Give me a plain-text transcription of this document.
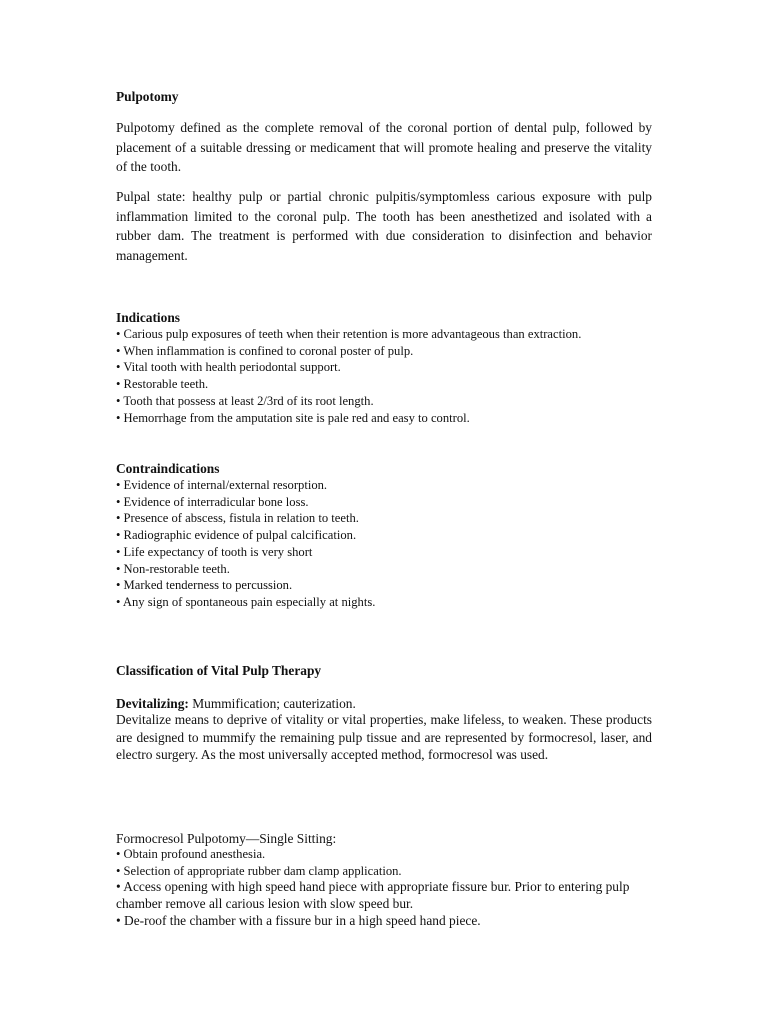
Pulpotomy

Pulpotomy defined as the complete removal of the coronal portion of dental pulp, followed by placement of a suitable dressing or medicament that will promote healing and preserve the vitality of the tooth.

Pulpal state: healthy pulp or partial chronic pulpitis/symptomless carious exposure with pulp inflammation limited to the coronal pulp. The tooth has been anesthetized and isolated with a rubber dam. The treatment is performed with due consideration to disinfection and behavior management.

Indications
• Carious pulp exposures of teeth when their retention is more advantageous than extraction.
• When inflammation is confined to coronal poster of pulp.
• Vital tooth with health periodontal support.
• Restorable teeth.
• Tooth that possess at least 2/3rd of its root length.
• Hemorrhage from the amputation site is pale red and easy to control.
Contraindications
• Evidence of internal/external resorption.
• Evidence of interradicular bone loss.
• Presence of abscess, fistula in relation to teeth.
• Radiographic evidence of pulpal calcification.
• Life expectancy of tooth is very short
• Non-restorable teeth.
• Marked tenderness to percussion.
• Any sign of spontaneous pain especially at nights.
Classification of Vital Pulp Therapy
Devitalizing: Mummification; cauterization.

Devitalize means to deprive of vitality or vital properties, make lifeless, to weaken. These products are designed to mummify the remaining pulp tissue and are represented by formocresol, laser, and electro surgery. As the most universally accepted method, formocresol was used.

Formocresol Pulpotomy—Single Sitting:
• Obtain profound anesthesia.
• Selection of appropriate rubber dam clamp application.
• Access opening with high speed hand piece with appropriate fissure bur. Prior to entering pulp chamber remove all carious lesion with slow speed bur.
• De-roof the chamber with a fissure bur in a high speed hand piece.
